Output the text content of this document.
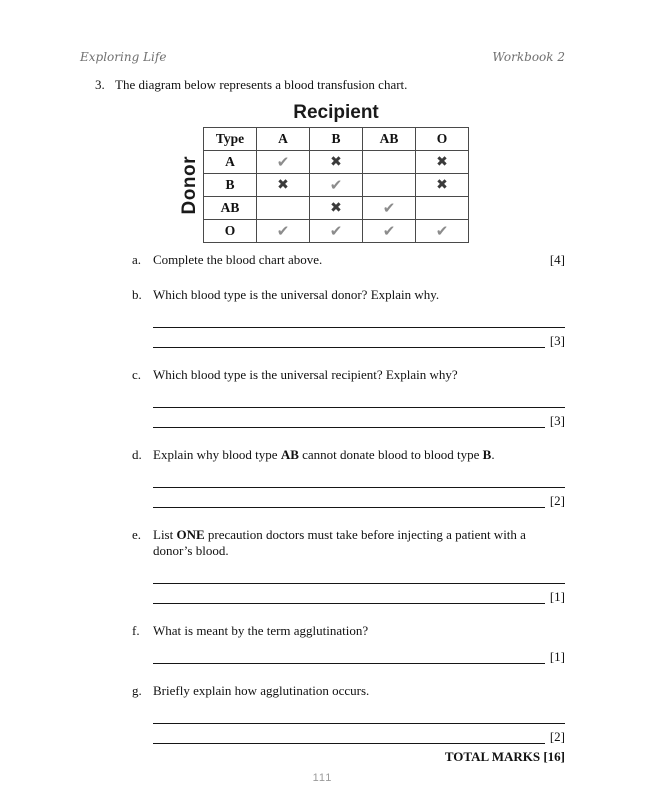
Exploring Life	Workbook 2
3. The diagram below represents a blood transfusion chart.
Recipient
Donor
Type	A	B	AB	O
A	✔	✖		✖
B	✖	✔		✖
AB		✖	✔	
O	✔	✔	✔	✔
a. Complete the blood chart above.	[4]
b. Which blood type is the universal donor? Explain why.
[3]
c. Which blood type is the universal recipient? Explain why?
[3]
d. Explain why blood type AB cannot donate blood to blood type B.
[2]
e. List ONE precaution doctors must take before injecting a patient with a donor’s blood.
[1]
f.	What is meant by the term agglutination?
[1]
g. Briefly explain how agglutination occurs.
[2]
TOTAL MARKS [16]
111
